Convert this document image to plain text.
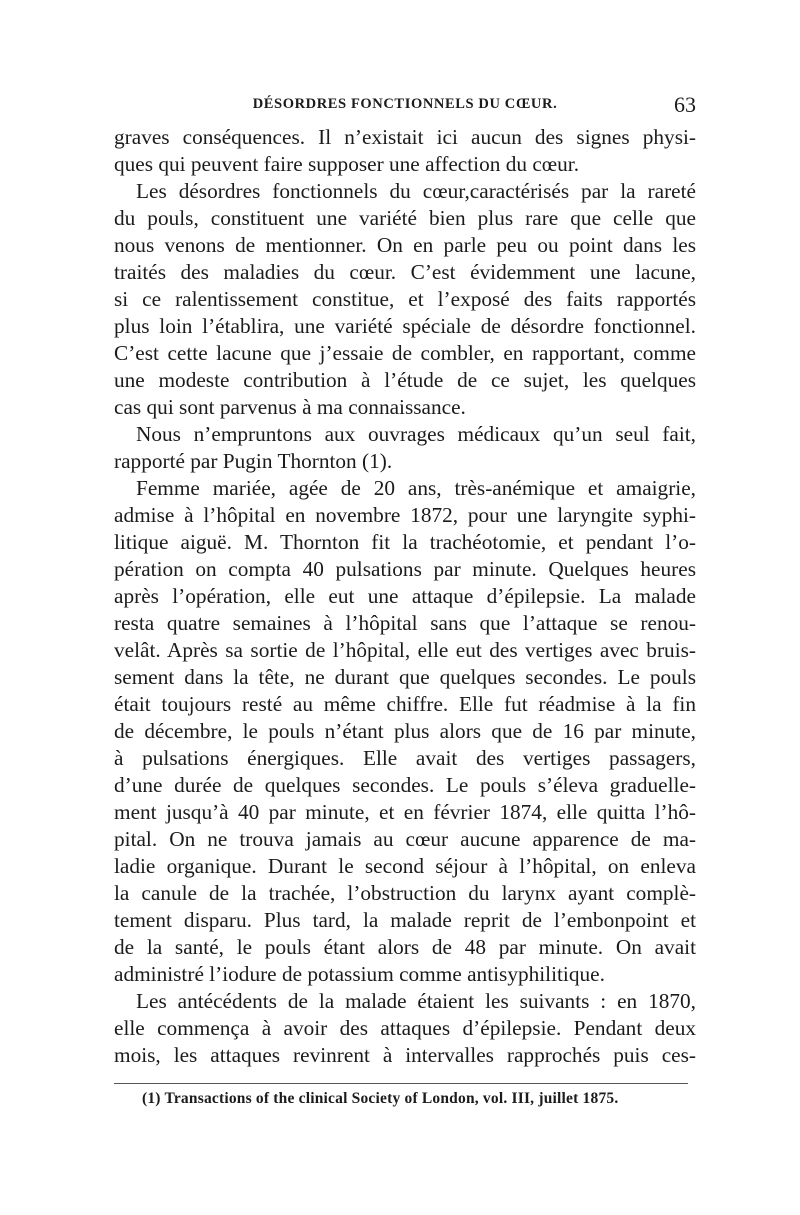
DÉSORDRES FONCTIONNELS DU CŒUR.	63

graves conséquences. Il n’existait ici aucun des signes physi-
ques qui peuvent faire supposer une affection du cœur.

Les désordres fonctionnels du cœur,caractérisés par la rareté
du pouls, constituent une variété bien plus rare que celle que
nous venons de mentionner. On en parle peu ou point dans les
traités des maladies du cœur. C’est évidemment une lacune,
si ce ralentissement constitue, et l’exposé des faits rapportés
plus loin l’établira, une variété spéciale de désordre fonctionnel.
C’est cette lacune que j’essaie de combler, en rapportant, comme
une modeste contribution à l’étude de ce sujet, les quelques
cas qui sont parvenus à ma connaissance.

Nous n’empruntons aux ouvrages médicaux qu’un seul fait,
rapporté par Pugin Thornton (1).

Femme mariée, agée de 20 ans, très-anémique et amaigrie,
admise à l’hôpital en novembre 1872, pour une laryngite syphi-
litique aiguë. M. Thornton fit la trachéotomie, et pendant l’o-
pération on compta 40 pulsations par minute. Quelques heures
après l’opération, elle eut une attaque d’épilepsie. La malade
resta quatre semaines à l’hôpital sans que l’attaque se renou-
velât. Après sa sortie de l’hôpital, elle eut des vertiges avec bruis-
sement dans la tête, ne durant que quelques secondes. Le pouls
était toujours resté au même chiffre. Elle fut réadmise à la fin
de décembre, le pouls n’étant plus alors que de 16 par minute,
à pulsations énergiques. Elle avait des vertiges passagers,
d’une durée de quelques secondes. Le pouls s’éleva graduelle-
ment jusqu’à 40 par minute, et en février 1874, elle quitta l’hô-
pital. On ne trouva jamais au cœur aucune apparence de ma-
ladie organique. Durant le second séjour à l’hôpital, on enleva
la canule de la trachée, l’obstruction du larynx ayant complè-
tement disparu. Plus tard, la malade reprit de l’embonpoint et
de la santé, le pouls étant alors de 48 par minute. On avait
administré l’iodure de potassium comme antisyphilitique.

Les antécédents de la malade étaient les suivants : en 1870,
elle commença à avoir des attaques d’épilepsie. Pendant deux
mois, les attaques revinrent à intervalles rapprochés puis ces-

(1) Transactions of the clinical Society of London, vol. III, juillet 1875.
